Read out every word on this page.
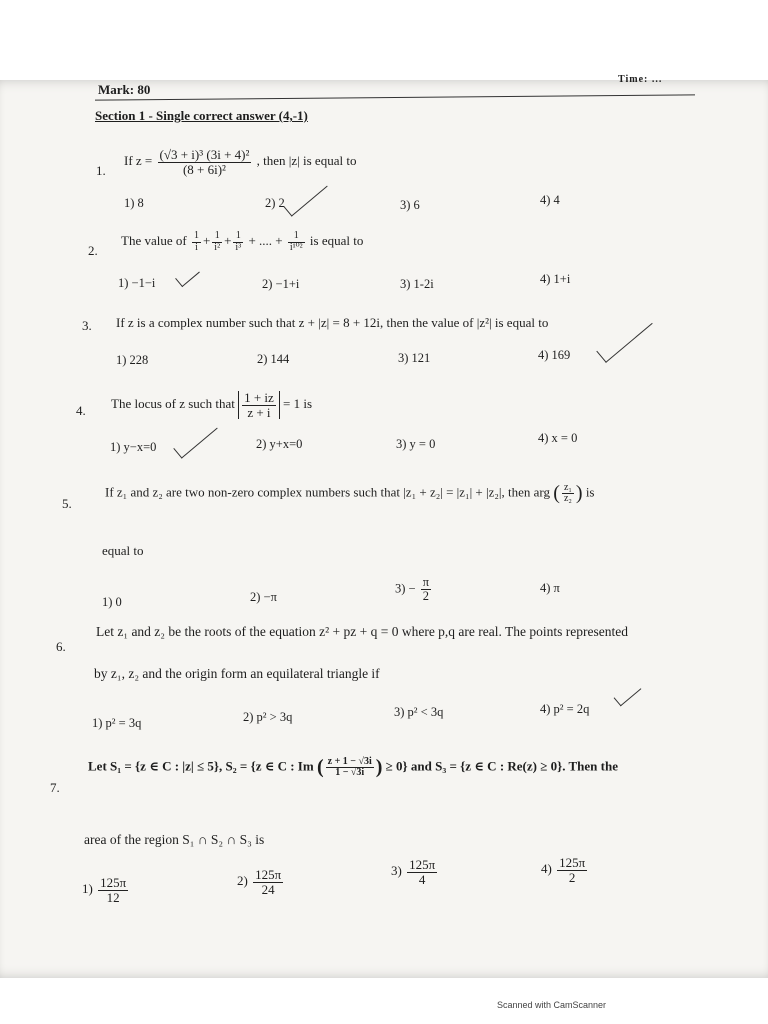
Mark: 80
Time: ...
Section 1 - Single correct answer (4,-1)
1.
If $z = \frac{\text{(√3 + i)³ (3i + 4)²}}{\text{(8 + 6i)²}}$ , then |z| is equal to
1) 8	2) 2	3) 6	4) 4
2.
The value of $\frac{1}{i} + \frac{1}{\text{i²}} + \frac{1}{\text{i³}}$ + .... + $\frac{1}{\text{i¹⁰²}}$ is equal to
1) −1−i	2) −1+i	3) 1-2i	4) 1+i
3. If z is a complex number such that z + |z| = 8 + 12i, then the value of |z²| is equal to
1) 228	2) 144	3) 121	4) 169
4. The locus of z such that $\frac{1 + iz}{z + i} = 1$ is
1) y−x=0	2) y+x=0	3) y = 0	4) x = 0
5.
If z₁ and z₂ are two non-zero complex numbers such that |z₁ + z₂| = |z₁| + |z₂|, then arg ( $\frac{\text{z₁}}{\text{z₂}}$ ) is
equal to
1) 0	2) −π
$3) - \frac{\pi}{2}$	4) π
6.
Let z₁ and z₂ be the roots of the equation z² + pz + q = 0 where p,q are real. The points represented
by z₁, z₂ and the origin form an equilateral triangle if
1) p² = 3q	2) p² > 3q	3) p² < 3q	4) p² = 2q
7.
Let S₁ = {z ∈ C : |z| ≤ 5}, S₂ = {z ∈ C : Im ( $\frac{z + 1 - √3i}{1 - √3i}$ ) ≥ 0} and S₃ = {z ∈ C : Re(z) ≥ 0}. Then the
area of the region S₁ ∩ S₂ ∩ S₃ is
$1) \frac{125\pi}{12}$	$2) \frac{125\pi}{24}$	$3) \frac{125\pi}{4}$	$4) \frac{125\pi}{2}$
Scanned with CamScanner
